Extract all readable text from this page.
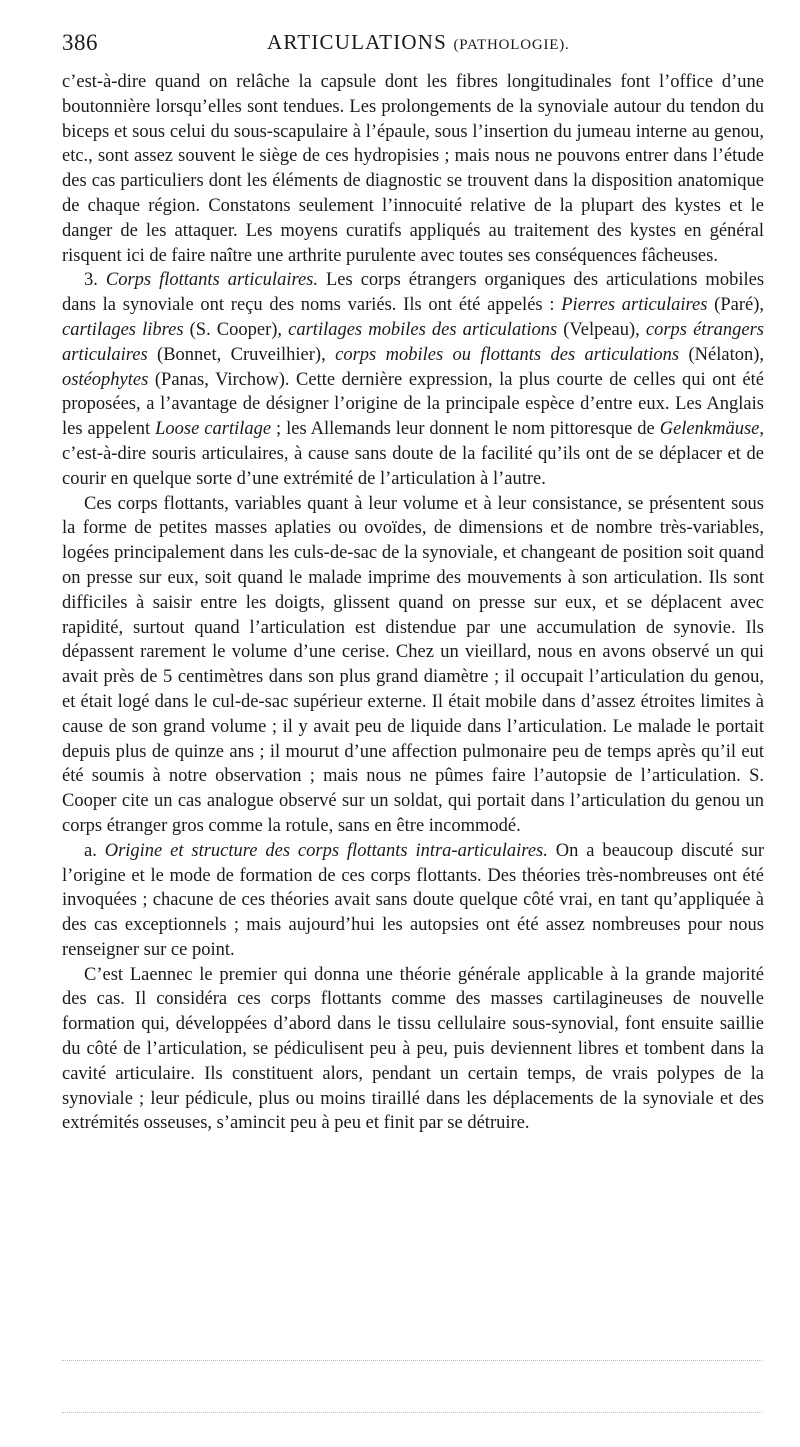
386	ARTICULATIONS (PATHOLOGIE).

c’est-à-dire quand on relâche la capsule dont les fibres longitudinales font l’office d’une boutonnière lorsqu’elles sont tendues. Les prolongements de la synoviale autour du tendon du biceps et sous celui du sous-scapulaire à l’épaule, sous l’insertion du jumeau interne au genou, etc., sont assez souvent le siège de ces hydropisies ; mais nous ne pouvons entrer dans l’étude des cas particuliers dont les éléments de diagnostic se trouvent dans la disposition anatomique de chaque région. Constatons seulement l’innocuité relative de la plupart des kystes et le danger de les attaquer. Les moyens curatifs appliqués au traitement des kystes en général risquent ici de faire naître une arthrite purulente avec toutes ses conséquences fâcheuses.

3. Corps flottants articulaires. Les corps étrangers organiques des articulations mobiles dans la synoviale ont reçu des noms variés. Ils ont été appelés : Pierres articulaires (Paré), cartilages libres (S. Cooper), cartilages mobiles des articulations (Velpeau), corps étrangers articulaires (Bonnet, Cruveilhier), corps mobiles ou flottants des articulations (Nélaton), ostéophytes (Panas, Virchow). Cette dernière expression, la plus courte de celles qui ont été proposées, a l’avantage de désigner l’origine de la principale espèce d’entre eux. Les Anglais les appelent Loose cartilage ; les Allemands leur donnent le nom pittoresque de Gelenkmäuse, c’est-à-dire souris articulaires, à cause sans doute de la facilité qu’ils ont de se déplacer et de courir en quelque sorte d’une extrémité de l’articulation à l’autre.

Ces corps flottants, variables quant à leur volume et à leur consistance, se présentent sous la forme de petites masses aplaties ou ovoïdes, de dimensions et de nombre très-variables, logées principalement dans les culs-de-sac de la synoviale, et changeant de position soit quand on presse sur eux, soit quand le malade imprime des mouvements à son articulation. Ils sont difficiles à saisir entre les doigts, glissent quand on presse sur eux, et se déplacent avec rapidité, surtout quand l’articulation est distendue par une accumulation de synovie. Ils dépassent rarement le volume d’une cerise. Chez un vieillard, nous en avons observé un qui avait près de 5 centimètres dans son plus grand diamètre ; il occupait l’articulation du genou, et était logé dans le cul-de-sac supérieur externe. Il était mobile dans d’assez étroites limites à cause de son grand volume ; il y avait peu de liquide dans l’articulation. Le malade le portait depuis plus de quinze ans ; il mourut d’une affection pulmonaire peu de temps après qu’il eut été soumis à notre observation ; mais nous ne pûmes faire l’autopsie de l’articulation. S. Cooper cite un cas analogue observé sur un soldat, qui portait dans l’articulation du genou un corps étranger gros comme la rotule, sans en être incommodé.

a. Origine et structure des corps flottants intra-articulaires. On a beaucoup discuté sur l’origine et le mode de formation de ces corps flottants. Des théories très-nombreuses ont été invoquées ; chacune de ces théories avait sans doute quelque côté vrai, en tant qu’appliquée à des cas exceptionnels ; mais aujourd’hui les autopsies ont été assez nombreuses pour nous renseigner sur ce point.

C’est Laennec le premier qui donna une théorie générale applicable à la grande majorité des cas. Il considéra ces corps flottants comme des masses cartilagineuses de nouvelle formation qui, développées d’abord dans le tissu cellulaire sous-synovial, font ensuite saillie du côté de l’articulation, se pédiculisent peu à peu, puis deviennent libres et tombent dans la cavité articulaire. Ils constituent alors, pendant un certain temps, de vrais polypes de la synoviale ; leur pédicule, plus ou moins tiraillé dans les déplacements de la synoviale et des extrémités osseuses, s’amincit peu à peu et finit par se détruire.
